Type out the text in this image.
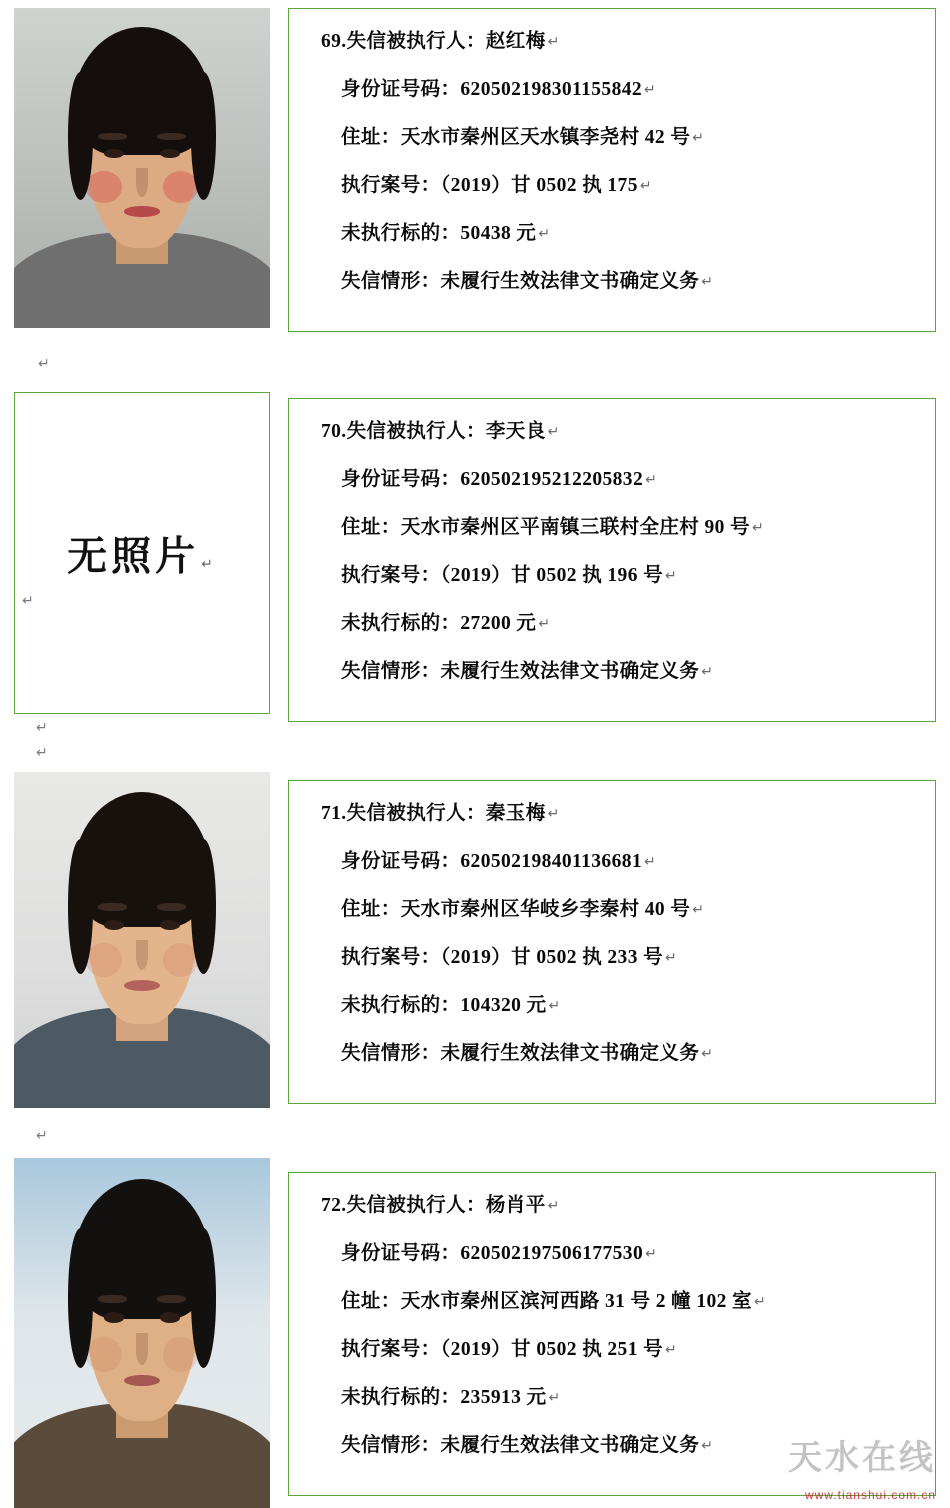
69.失信被执行人：赵红梅 ↵
身份证号码：620502198301155842 ↵
住址：天水市秦州区天水镇李尧村 42 号 ↵
执行案号：（2019）甘 0502 执 175 ↵
未执行标的：50438 元 ↵
失信情形：未履行生效法律文书确定义务 ↵
↵
无照片 ↵
70.失信被执行人：李天良 ↵
身份证号码：620502195212205832 ↵
住址：天水市秦州区平南镇三联村全庄村 90 号 ↵
执行案号：（2019）甘 0502 执 196 号 ↵
未执行标的：27200 元 ↵
失信情形：未履行生效法律文书确定义务 ↵
↵
↵
↵
71.失信被执行人：秦玉梅 ↵
身份证号码：620502198401136681 ↵
住址：天水市秦州区华岐乡李秦村 40 号 ↵
执行案号：（2019）甘 0502 执 233 号 ↵
未执行标的：104320 元 ↵
失信情形：未履行生效法律文书确定义务 ↵
↵
72.失信被执行人：杨肖平 ↵
身份证号码：620502197506177530 ↵
住址：天水市秦州区滨河西路 31 号 2 幢 102 室 ↵
执行案号：（2019）甘 0502 执 251 号 ↵
未执行标的：235913 元 ↵
失信情形：未履行生效法律文书确定义务 ↵	天水在线
www.tianshui.com.cn
